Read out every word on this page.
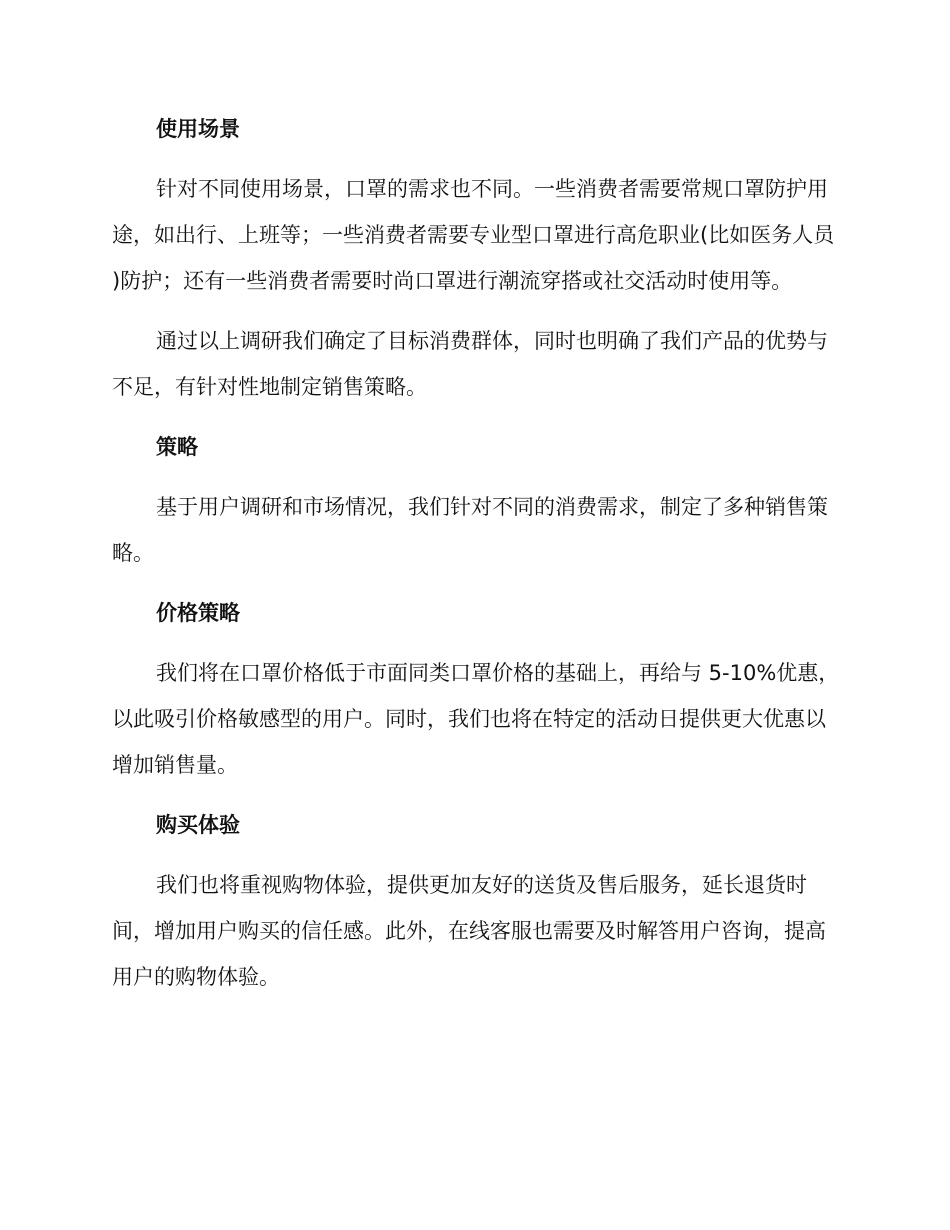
使用场景
针对不同使用场景，口罩的需求也不同。一些消费者需要常规口罩防护用途，如出行、上班等；一些消费者需要专业型口罩进行高危职业(比如医务人员 )防护；还有一些消费者需要时尚口罩进行潮流穿搭或社交活动时使用等。
通过以上调研我们确定了目标消费群体，同时也明确了我们产品的优势与不足，有针对性地制定销售策略。
策略
基于用户调研和市场情况，我们针对不同的消费需求，制定了多种销售策略。
价格策略
我们将在口罩价格低于市面同类口罩价格的基础上，再给与 5-10%优惠，以此吸引价格敏感型的用户。同时，我们也将在特定的活动日提供更大优惠以增加销售量。
购买体验
我们也将重视购物体验，提供更加友好的送货及售后服务，延长退货时间，增加用户购买的信任感。此外，在线客服也需要及时解答用户咨询，提高用户的购物体验。
